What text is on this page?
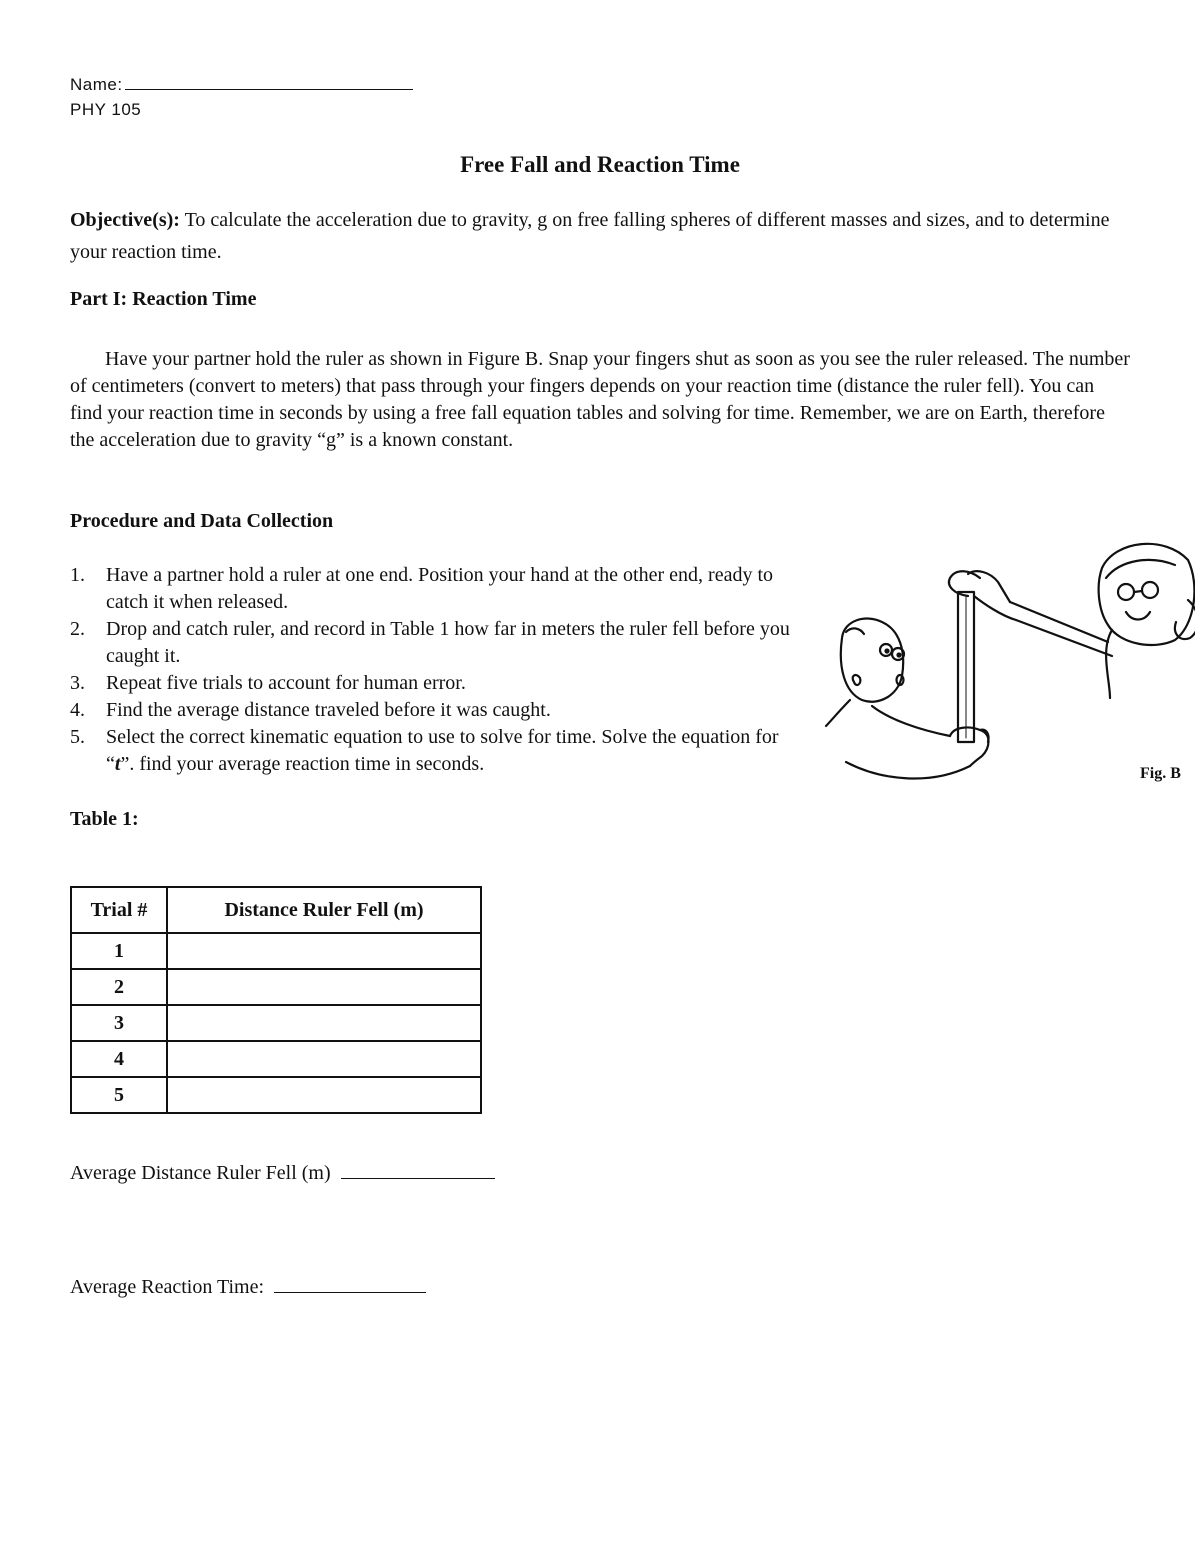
Name:
PHY 105
Free Fall and Reaction Time
Objective(s): To calculate the acceleration due to gravity, g on free falling spheres of different masses and sizes, and to determine your reaction time.
Part I: Reaction Time
Have your partner hold the ruler as shown in Figure B. Snap your fingers shut as soon as you see the ruler released. The number of centimeters (convert to meters) that pass through your fingers depends on your reaction time (distance the ruler fell). You can find your reaction time in seconds by using a free fall equation tables and solving for time. Remember, we are on Earth, therefore the acceleration due to gravity “g” is a known constant.
Procedure and Data Collection
1. Have a partner hold a ruler at one end. Position your hand at the other end, ready to catch it when released.
2. Drop and catch ruler, and record in Table 1 how far in meters the ruler fell before you caught it.
3. Repeat five trials to account for human error.
4. Find the average distance traveled before it was caught.
5. Select the correct kinematic equation to use to solve for time. Solve the equation for “t”. find your average reaction time in seconds.	Fig. B
Table 1:
Trial #	Distance Ruler Fell (m)
1	
2	
3	
4	
5	
Average Distance Ruler Fell (m)
Average Reaction Time:
